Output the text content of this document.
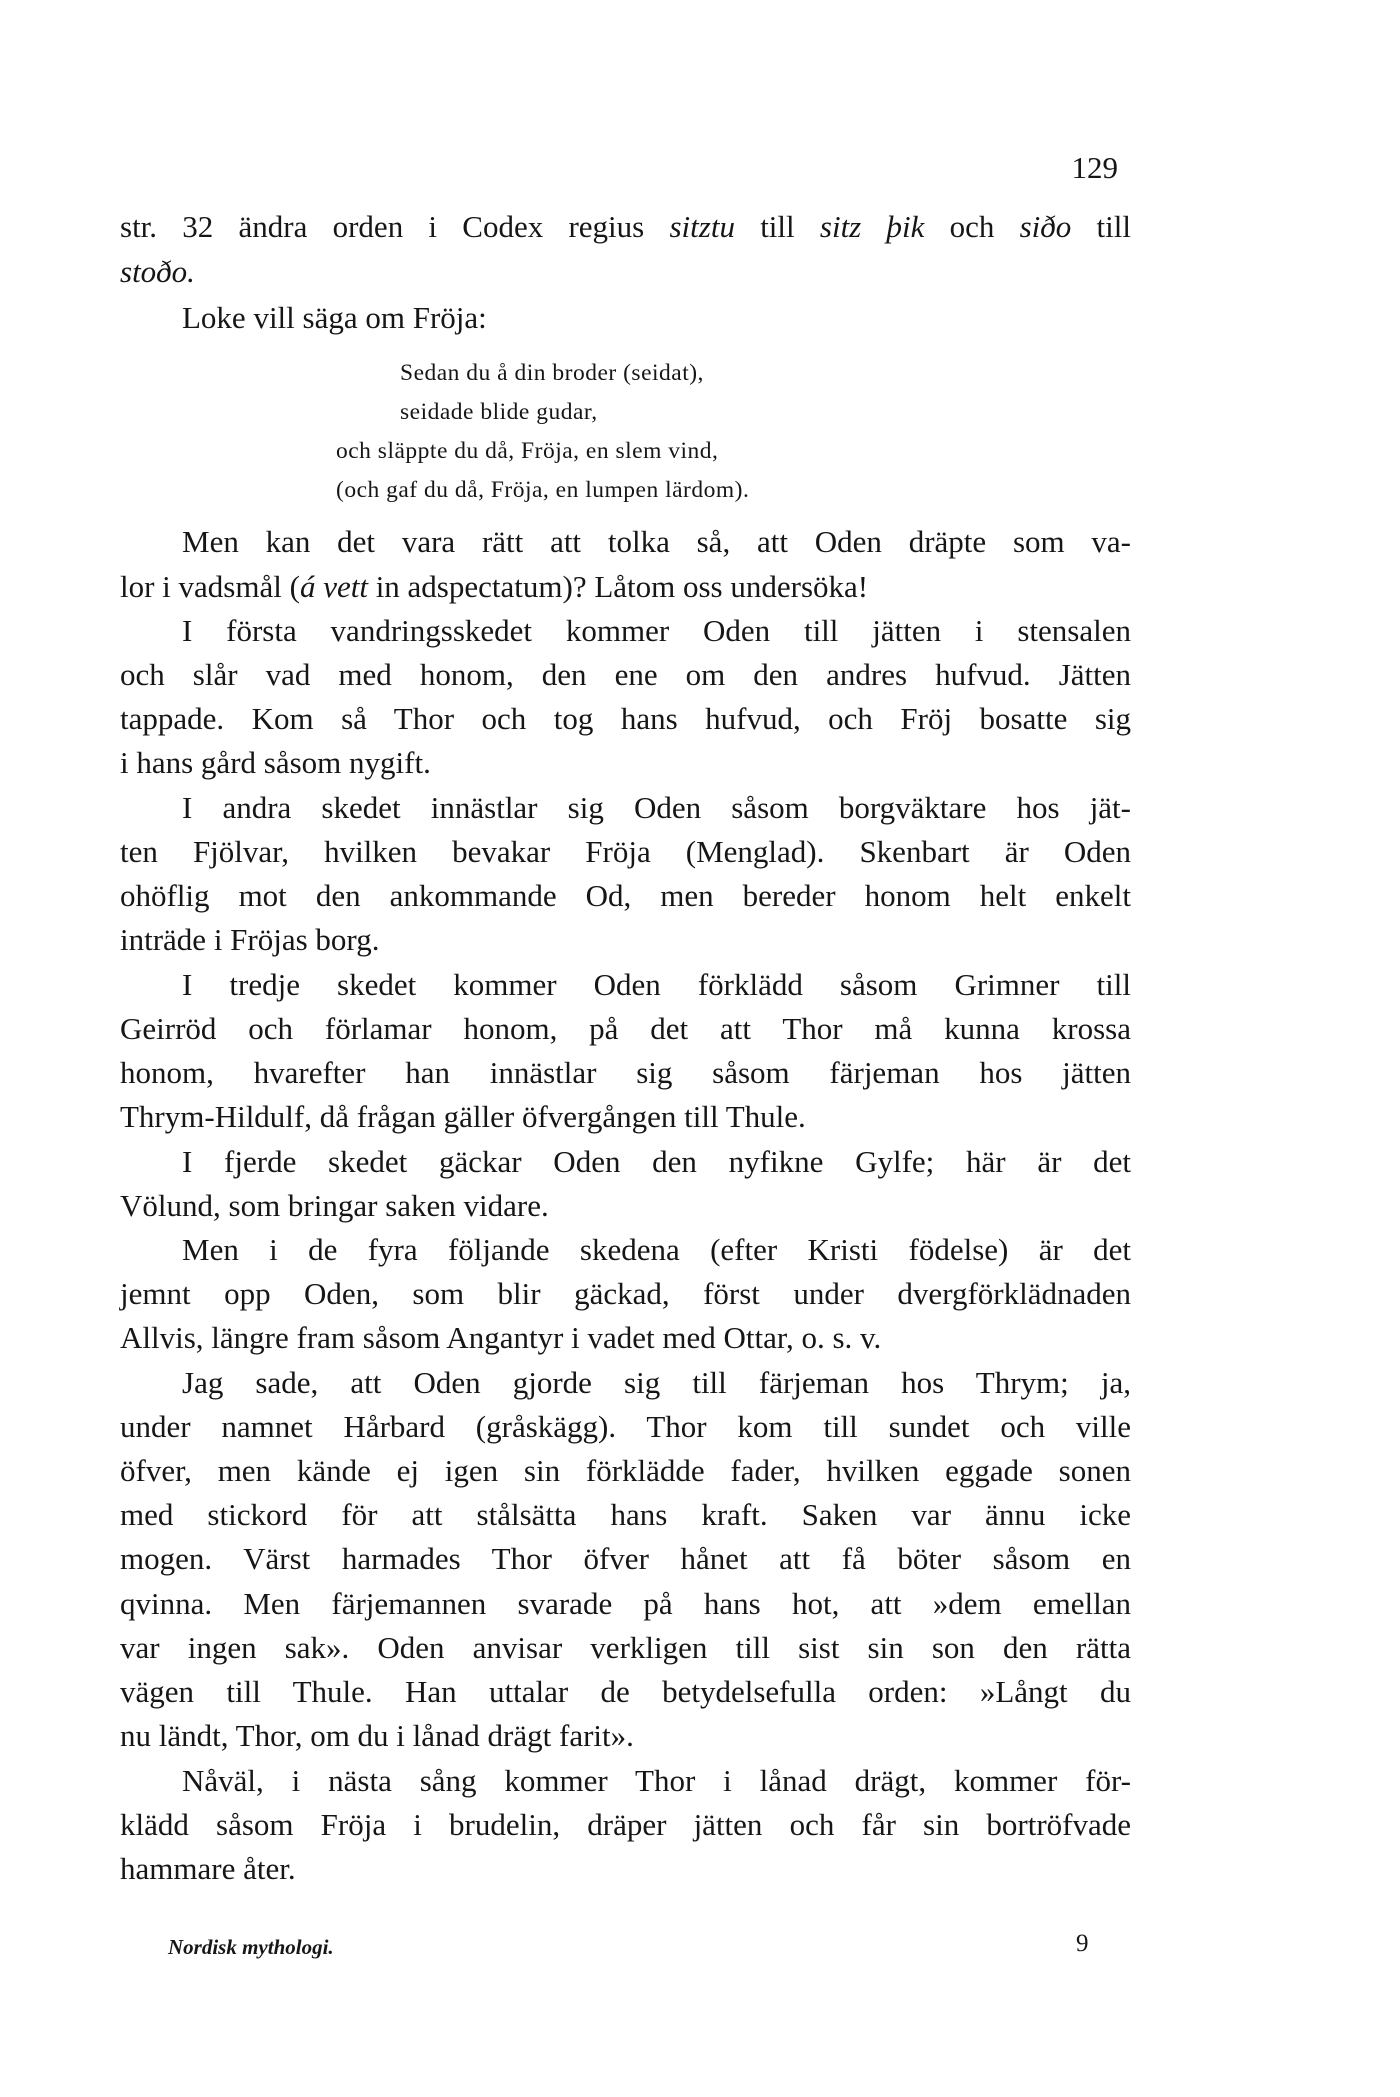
129
str. 32 ändra orden i Codex regius sitztu till sitz þik och siðo till
stoðo.
Loke vill säga om Fröja:
Sedan du å din broder (seidat),
seidade blide gudar,
och släppte du då, Fröja, en slem vind,
(och gaf du då, Fröja, en lumpen lärdom).
Men kan det vara rätt att tolka så, att Oden dräpte som va-
lor i vadsmål (á vett in adspectatum)? Låtom oss undersöka!
I första vandringsskedet kommer Oden till jätten i stensalen
och slår vad med honom, den ene om den andres hufvud. Jätten
tappade. Kom så Thor och tog hans hufvud, och Fröj bosatte sig
i hans gård såsom nygift.
I andra skedet innästlar sig Oden såsom borgväktare hos jät-
ten Fjölvar, hvilken bevakar Fröja (Menglad). Skenbart är Oden
ohöflig mot den ankommande Od, men bereder honom helt enkelt
inträde i Fröjas borg.
I tredje skedet kommer Oden förklädd såsom Grimner till
Geirröd och förlamar honom, på det att Thor må kunna krossa
honom, hvarefter han innästlar sig såsom färjeman hos jätten
Thrym-Hildulf, då frågan gäller öfvergången till Thule.
I fjerde skedet gäckar Oden den nyfikne Gylfe; här är det
Völund, som bringar saken vidare.
Men i de fyra följande skedena (efter Kristi födelse) är det
jemnt opp Oden, som blir gäckad, först under dvergförklädnaden
Allvis, längre fram såsom Angantyr i vadet med Ottar, o. s. v.
Jag sade, att Oden gjorde sig till färjeman hos Thrym; ja,
under namnet Hårbard (gråskägg). Thor kom till sundet och ville
öfver, men kände ej igen sin förklädde fader, hvilken eggade sonen
med stickord för att stålsätta hans kraft. Saken var ännu icke
mogen. Värst harmades Thor öfver hånet att få böter såsom en
qvinna. Men färjemannen svarade på hans hot, att »dem emellan
var ingen sak». Oden anvisar verkligen till sist sin son den rätta
vägen till Thule. Han uttalar de betydelsefulla orden: »Långt du
nu ländt, Thor, om du i lånad drägt farit».
Nåväl, i nästa sång kommer Thor i lånad drägt, kommer för-
klädd såsom Fröja i brudelin, dräper jätten och får sin bortröfvade
hammare åter.
Nordisk mythologi.	9
